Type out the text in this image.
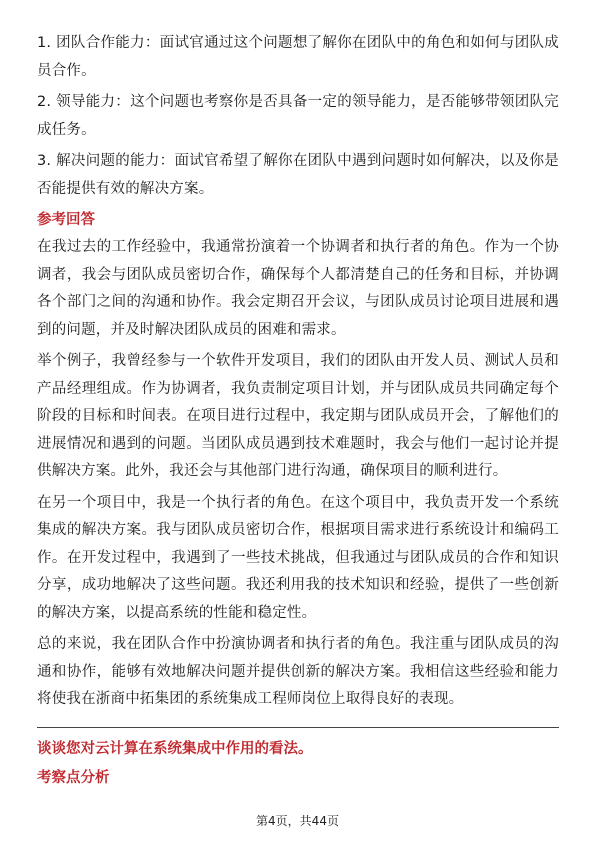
1. 团队合作能力：面试官通过这个问题想了解你在团队中的角色和如何与团队成员合作。

2. 领导能力：这个问题也考察你是否具备一定的领导能力，是否能够带领团队完成任务。

3. 解决问题的能力：面试官希望了解你在团队中遇到问题时如何解决，以及你是否能提供有效的解决方案。

参考回答

在我过去的工作经验中，我通常扮演着一个协调者和执行者的角色。作为一个协调者，我会与团队成员密切合作，确保每个人都清楚自己的任务和目标，并协调各个部门之间的沟通和协作。我会定期召开会议，与团队成员讨论项目进展和遇到的问题，并及时解决团队成员的困难和需求。

举个例子，我曾经参与一个软件开发项目，我们的团队由开发人员、测试人员和产品经理组成。作为协调者，我负责制定项目计划，并与团队成员共同确定每个阶段的目标和时间表。在项目进行过程中，我定期与团队成员开会，了解他们的进展情况和遇到的问题。当团队成员遇到技术难题时，我会与他们一起讨论并提供解决方案。此外，我还会与其他部门进行沟通，确保项目的顺利进行。

在另一个项目中，我是一个执行者的角色。在这个项目中，我负责开发一个系统集成的解决方案。我与团队成员密切合作，根据项目需求进行系统设计和编码工作。在开发过程中，我遇到了一些技术挑战，但我通过与团队成员的合作和知识分享，成功地解决了这些问题。我还利用我的技术知识和经验，提供了一些创新的解决方案，以提高系统的性能和稳定性。

总的来说，我在团队合作中扮演协调者和执行者的角色。我注重与团队成员的沟通和协作，能够有效地解决问题并提供创新的解决方案。我相信这些经验和能力将使我在浙商中拓集团的系统集成工程师岗位上取得良好的表现。

谈谈您对云计算在系统集成中作用的看法。
考察点分析
第4页，共44页
